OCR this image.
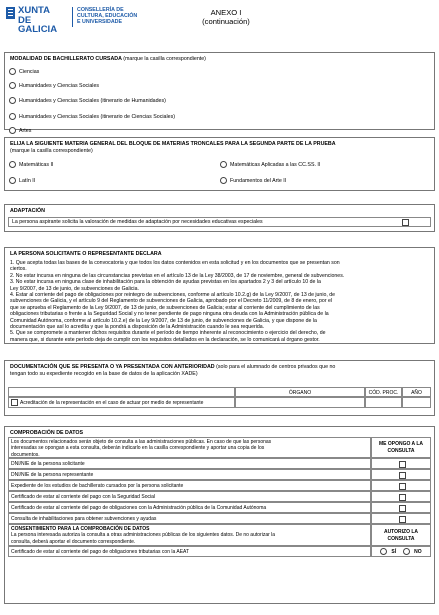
XUNTA
DE GALICIA
CONSELLERÍA DE
CULTURA, EDUCACIÓN
E UNIVERSIDADE
ANEXO I
(continuación)
MODALIDAD DE BACHILLERATO CURSADA (marque la casilla correspondiente)
Ciencias
Humanidades y Ciencias Sociales
Humanidades y Ciencias Sociales (itinerario de Humanidades)
Humanidades y Ciencias Sociales (itinerario de Ciencias Sociales)
Artes
ELIJA LA SIGUIENTE MATERIA GENERAL DEL BLOQUE DE MATERIAS TRONCALES PARA LA SEGUNDA PARTE DE LA PRUEBA
(marque la casilla correspondiente)
Matemáticas II	Matemáticas Aplicadas a las CC.SS. II
Latín II	Fundamentos del Arte II
ADAPTACIÓN
La persona aspirante solicita la valoración de medidas de adaptación por necesidades educativas especiales
LA PERSONA SOLICITANTE O REPRESENTANTE DECLARA
1. Que acepta todas las bases de la convocatoria y que todos los datos contenidos en esta solicitud y en los documentos que se presentan son
ciertos.
2. No estar incursa en ninguna de las circunstancias previstas en el artículo 13 de la Ley 38/2003, de 17 de noviembre, general de subvenciones.
3. No estar incursa en ninguna clase de inhabilitación para la obtención de ayudas previstas en los apartados 2 y 3 del artículo 10 de la
Ley 9/2007, de 13 de junio, de subvenciones de Galicia.
4. Estar al corriente del pago de obligaciones por reintegro de subvenciones, conforme al artículo 10.2.g) de la Ley 9/2007, de 13 de junio, de
subvenciones de Galicia, y el artículo 9 del Reglamento de subvenciones de Galicia, aprobado por el Decreto 11/2009, de 8 de enero, por el
que se aprueba el Reglamento de la Ley 9/2007, de 13 de junio, de subvenciones de Galicia; estar al corriente del cumplimiento de las
obligaciones tributarias o frente a la Seguridad Social y no tener pendiente de pago ninguna otra deuda con la Administración pública de la
Comunidad Autónoma, conforme al artículo 10.2.e) de la Ley 9/2007, de 13 de junio, de subvenciones de Galicia, y que dispone de la
documentación que así lo acredita y que la pondrá a disposición de la Administración cuando le sea requerida.
5. Que se compromete a mantener dichos requisitos durante el período de tiempo inherente al reconocimiento o ejercicio del derecho, de
manera que, si durante este período deja de cumplir con los requisitos detallados en la declaración, se lo comunicará al órgano gestor.
DOCUMENTACIÓN QUE SE PRESENTA O YA PRESENTADA CON ANTERIORIDAD (solo para el alumnado de centros privados que no
tengan todo su expediente recogido en la base de datos de la aplicación XADE)
ÓRGANO	CÓD. PROC.	AÑO
Acreditación de la representación en el caso de actuar por medio de representante
COMPROBACIÓN DE DATOS
Los documentos relacionados serán objeto de consulta a las administraciones públicas. En caso de que las personas
interesadas se opongan a esta consulta, deberán indicarlo en la casilla correspondiente y aportar una copia de los
documentos.
ME OPONGO A LA
CONSULTA
DNI/NIE de la persona solicitante
DNI/NIE de la persona representante
Expediente de los estudios de bachillerato cursados por la persona solicitante
Certificado de estar al corriente del pago con la Seguridad Social
Certificado de estar al corriente del pago de obligaciones con la Administración pública de la Comunidad Autónoma
Consulta de inhabilitaciones para obtener subvenciones y ayudas
CONSENTIMIENTO PARA LA COMPROBACIÓN DE DATOS
La persona interesada autoriza la consulta a otras administraciones públicas de los siguientes datos. De no autorizar la
consulta, deberá aportar el documento correspondiente.
AUTORIZO LA
CONSULTA
Certificado de estar al corriente del pago de obligaciones tributarias con la AEAT	SÍ	NO
